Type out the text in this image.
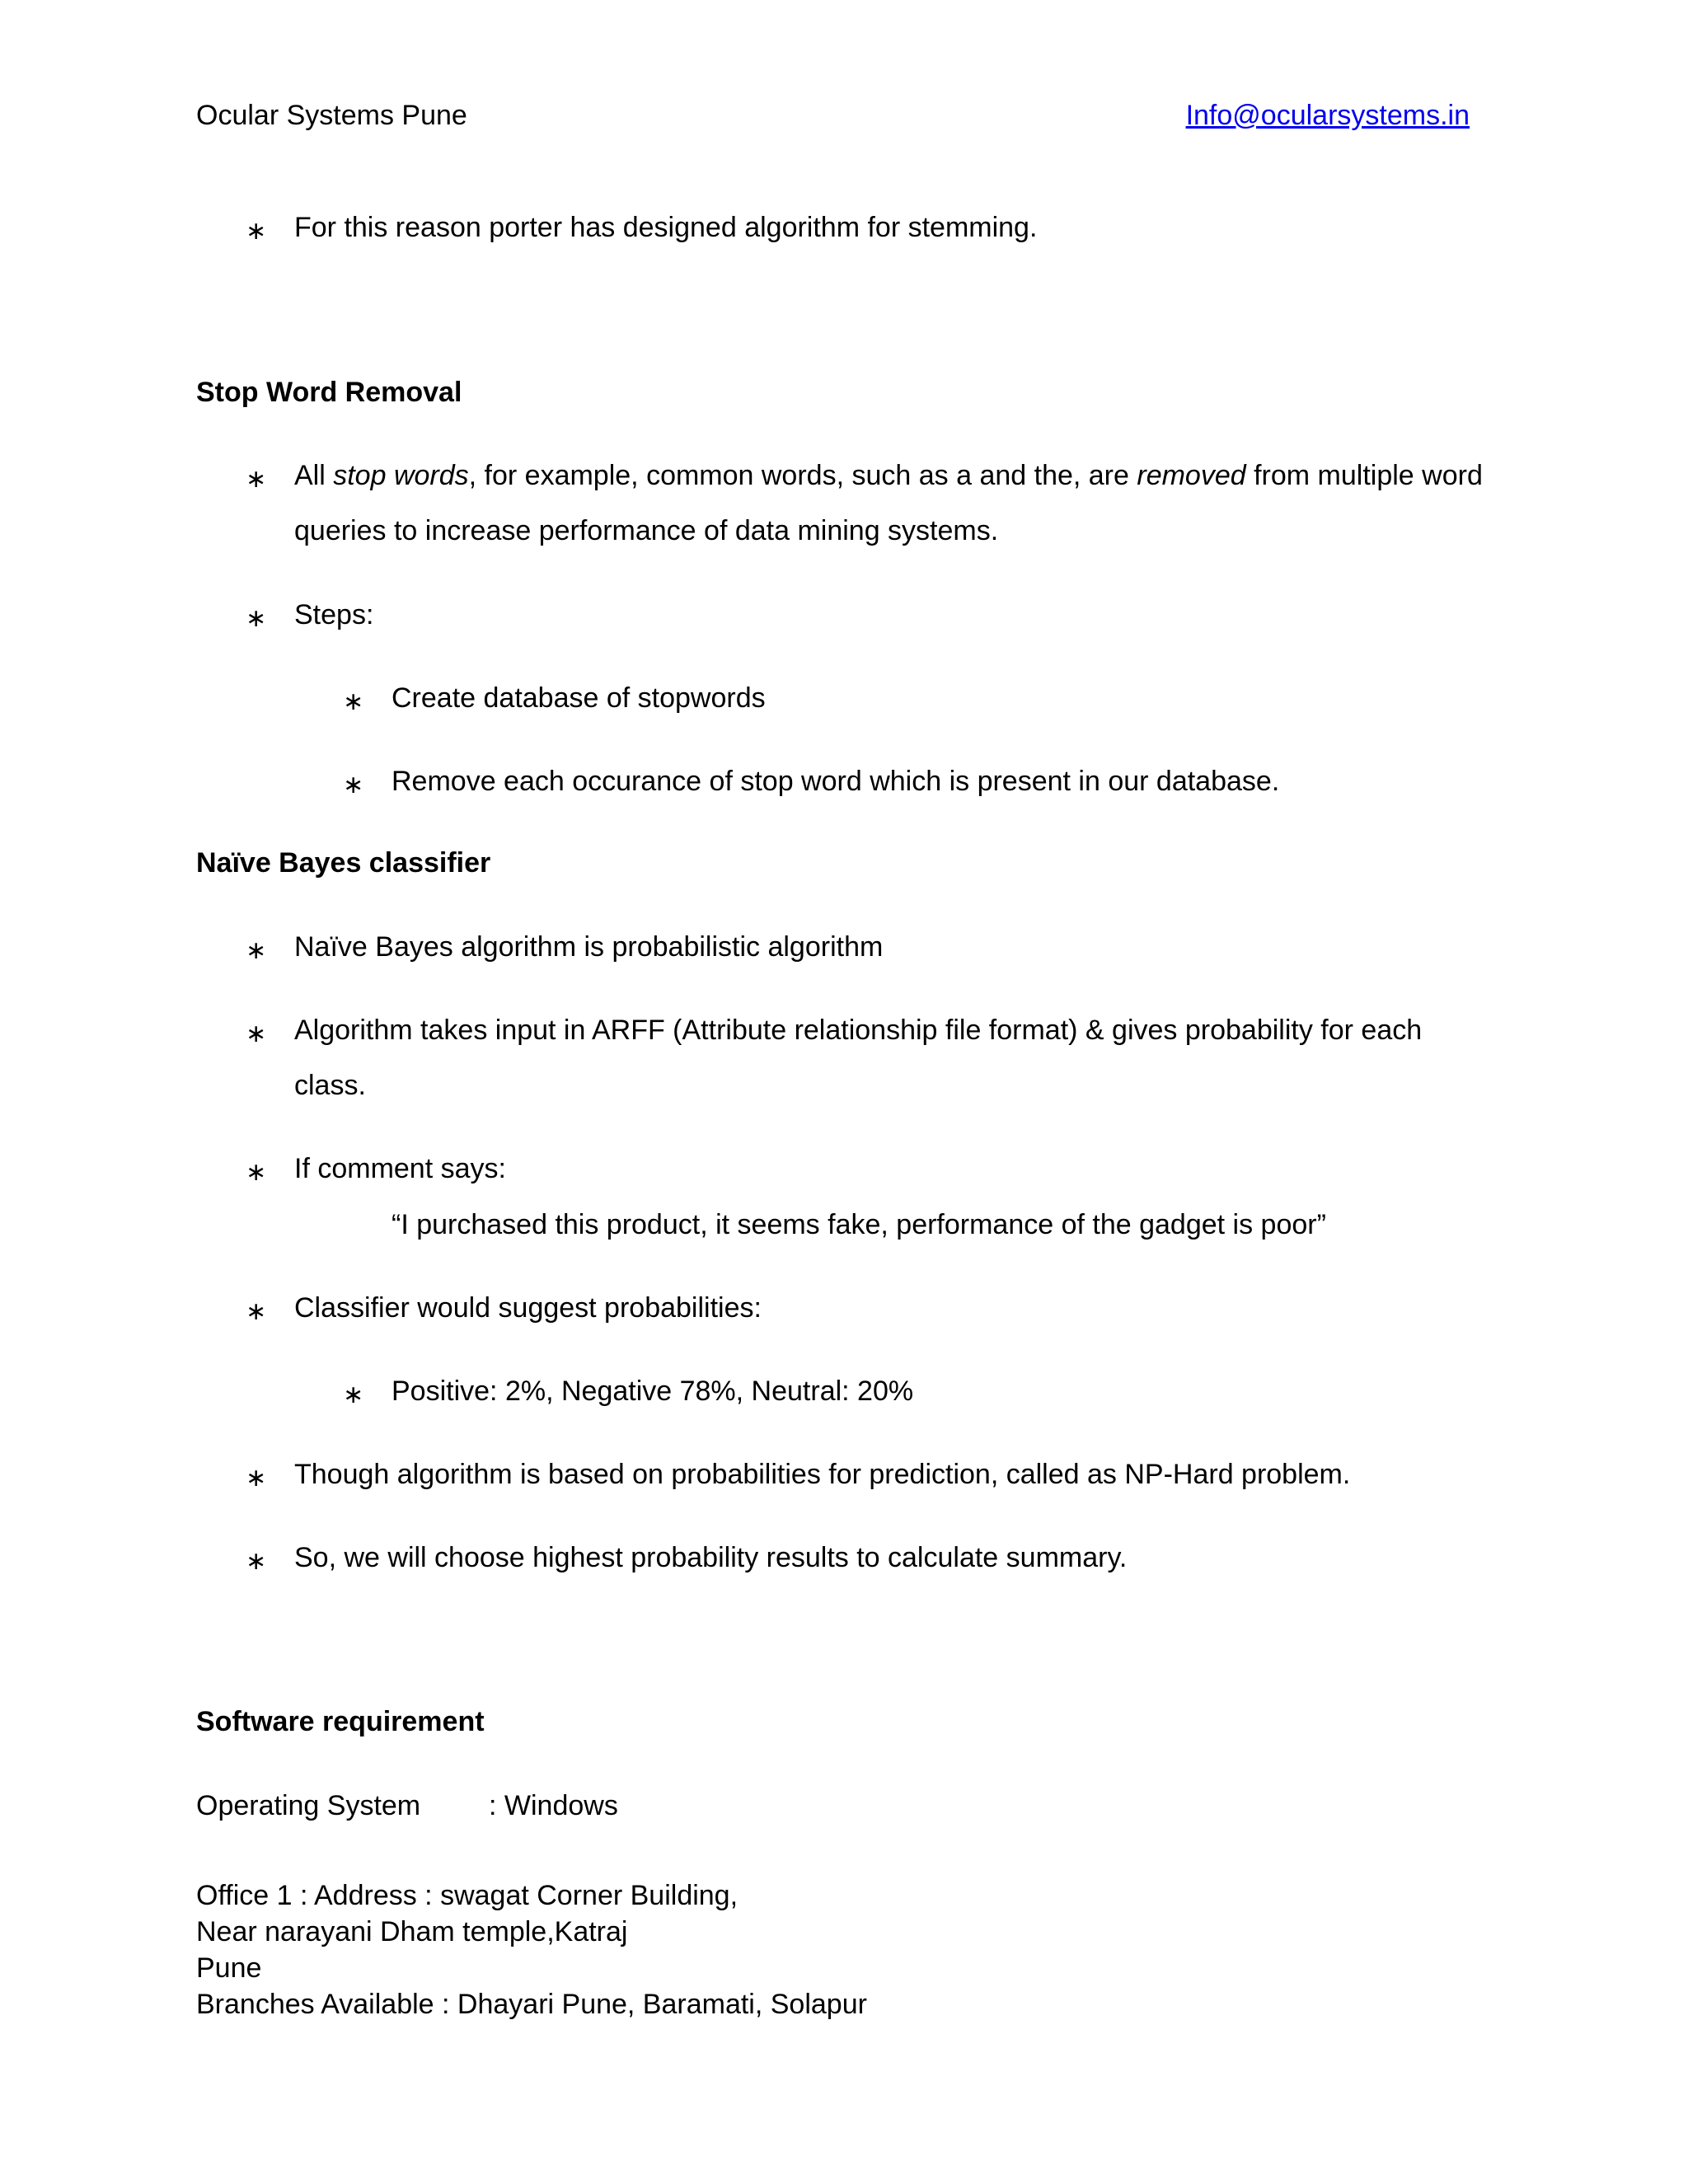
Ocular Systems Pune	Info@ocularsystems.in
∗ For this reason porter has designed algorithm for stemming.
Stop Word Removal
∗ All stop words, for example, common words, such as a and the, are removed from multiple word
queries to increase performance of data mining systems.
∗ Steps:
∗ Create database of stopwords
∗ Remove each occurance of stop word which is present in our database.
Naïve Bayes classifier
∗ Naïve Bayes algorithm is probabilistic algorithm
∗ Algorithm takes input in ARFF (Attribute relationship file format) & gives probability for each
class.
∗ If comment says:
“I purchased this product, it seems fake, performance of the gadget is poor”
∗ Classifier would suggest probabilities:
∗ Positive: 2%, Negative 78%, Neutral: 20%
∗ Though algorithm is based on probabilities for prediction, called as NP-Hard problem.
∗ So, we will choose highest probability results to calculate summary.
Software requirement
Operating System : Windows
Office 1 : Address : swagat Corner Building,
Near narayani Dham temple,Katraj
Pune
Branches Available : Dhayari Pune, Baramati, Solapur
